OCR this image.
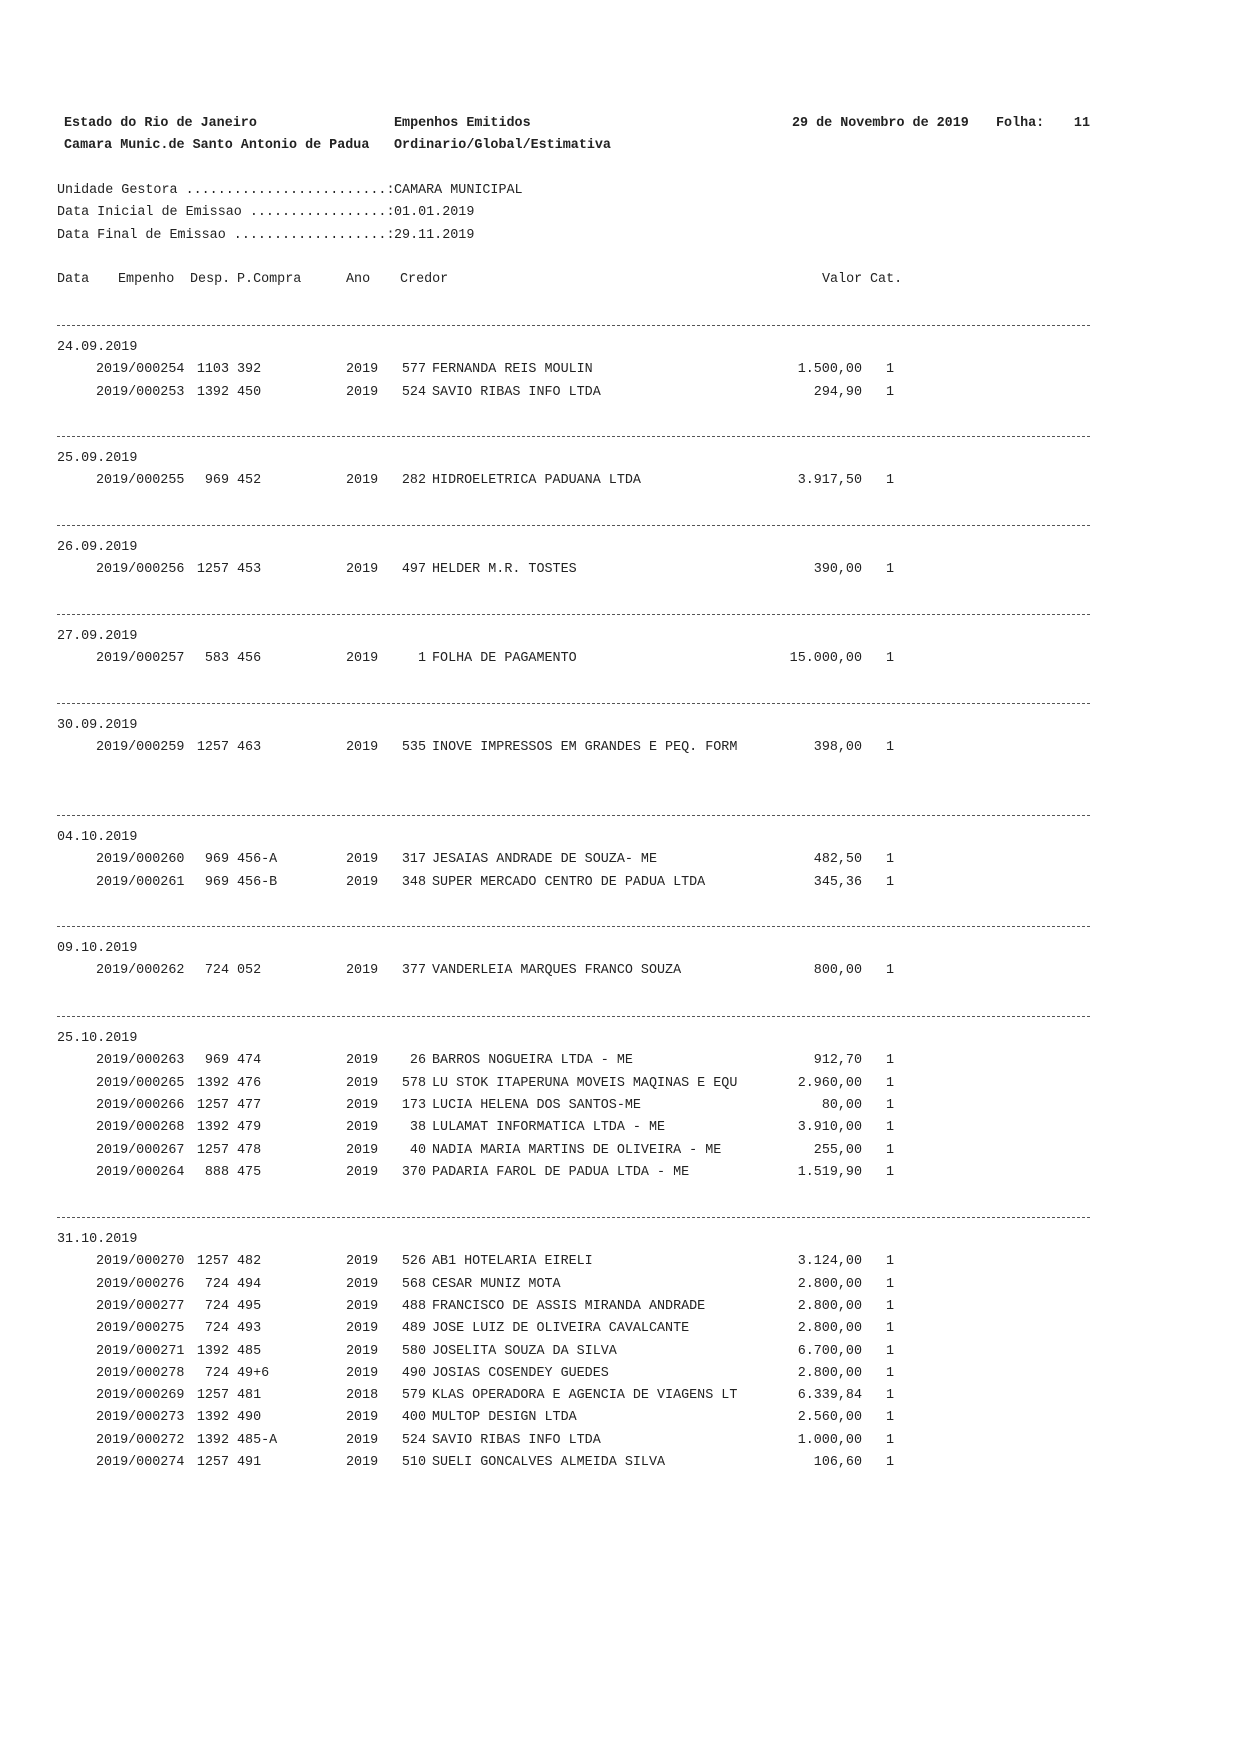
Estado do Rio de Janeiro
Camara Munic.de Santo Antonio de Padua
Empenhos Emitidos
Ordinario/Global/Estimativa
29 de Novembro de 2019 Folha:	11
Unidade Gestora .........................: CAMARA MUNICIPAL
Data Inicial de Emissao .................: 01.01.2019
Data Final de Emissao ...................: 29.11.2019
Data Empenho Desp. P.Compra	Ano Credor	Valor Cat.
24.09.2019
2019/000254 1103 392	2019	577 FERNANDA REIS MOULIN	1.500,00 1
2019/000253 1392 450	2019	524 SAVIO RIBAS INFO LTDA	294,90 1
25.09.2019
2019/000255	969 452	2019	282 HIDROELETRICA PADUANA LTDA	3.917,50 1
26.09.2019
2019/000256 1257 453	2019	497 HELDER M.R. TOSTES	390,00 1
27.09.2019
2019/000257	583 456	2019	1 FOLHA DE PAGAMENTO	15.000,00 1
30.09.2019
2019/000259 1257 463	2019	535 INOVE IMPRESSOS EM GRANDES E PEQ. FORM	398,00 1
04.10.2019
2019/000260	969 456-A	2019	317 JESAIAS ANDRADE DE SOUZA- ME	482,50 1
2019/000261	969 456-B	2019	348 SUPER MERCADO CENTRO DE PADUA LTDA	345,36 1
09.10.2019
2019/000262	724 052	2019	377 VANDERLEIA MARQUES FRANCO SOUZA	800,00 1
25.10.2019
2019/000263	969 474	2019	26 BARROS NOGUEIRA LTDA - ME	912,70 1
2019/000265 1392 476	2019	578 LU STOK ITAPERUNA MOVEIS MAQINAS E EQU	2.960,00 1
2019/000266 1257 477	2019	173 LUCIA HELENA DOS SANTOS-ME	80,00 1
2019/000268 1392 479	2019	38 LULAMAT INFORMATICA LTDA - ME	3.910,00 1
2019/000267 1257 478	2019	40 NADIA MARIA MARTINS DE OLIVEIRA - ME	255,00 1
2019/000264	888 475	2019	370 PADARIA FAROL DE PADUA LTDA - ME	1.519,90 1
31.10.2019
2019/000270 1257 482	2019	526 AB1 HOTELARIA EIRELI	3.124,00 1
2019/000276	724 494	2019	568 CESAR MUNIZ MOTA	2.800,00 1
2019/000277	724 495	2019	488 FRANCISCO DE ASSIS MIRANDA ANDRADE	2.800,00 1
2019/000275	724 493	2019	489 JOSE LUIZ DE OLIVEIRA CAVALCANTE	2.800,00 1
2019/000271 1392 485	2019	580 JOSELITA SOUZA DA SILVA	6.700,00 1
2019/000278	724 49+6	2019	490 JOSIAS COSENDEY GUEDES	2.800,00 1
2019/000269 1257 481	2018	579 KLAS OPERADORA E AGENCIA DE VIAGENS LT	6.339,84 1
2019/000273 1392 490	2019	400 MULTOP DESIGN LTDA	2.560,00 1
2019/000272 1392 485-A	2019	524 SAVIO RIBAS INFO LTDA	1.000,00 1
2019/000274 1257 491	2019	510 SUELI GONCALVES ALMEIDA SILVA	106,60 1
